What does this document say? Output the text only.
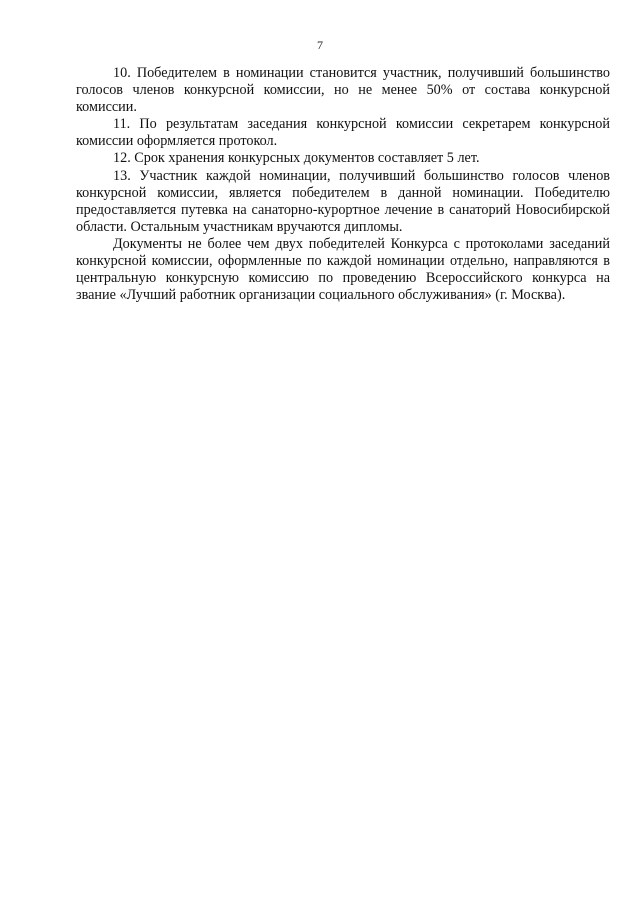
7

10. Победителем в номинации становится участник, получивший большинство голосов членов конкурсной комиссии, но не менее 50% от состава конкурсной комиссии.

11. По результатам заседания конкурсной комиссии секретарем конкурсной комиссии оформляется протокол.

12. Срок хранения конкурсных документов составляет 5 лет.

13. Участник каждой номинации, получивший большинство голосов членов конкурсной комиссии, является победителем в данной номинации. Победителю предоставляется путевка на санаторно-курортное лечение в санаторий Новосибирской области. Остальным участникам вручаются дипломы.

Документы не более чем двух победителей Конкурса с протоколами заседаний конкурсной комиссии, оформленные по каждой номинации отдельно, направляются в центральную конкурсную комиссию по проведению Всероссийского конкурса на звание «Лучший работник организации социального обслуживания» (г. Москва).
